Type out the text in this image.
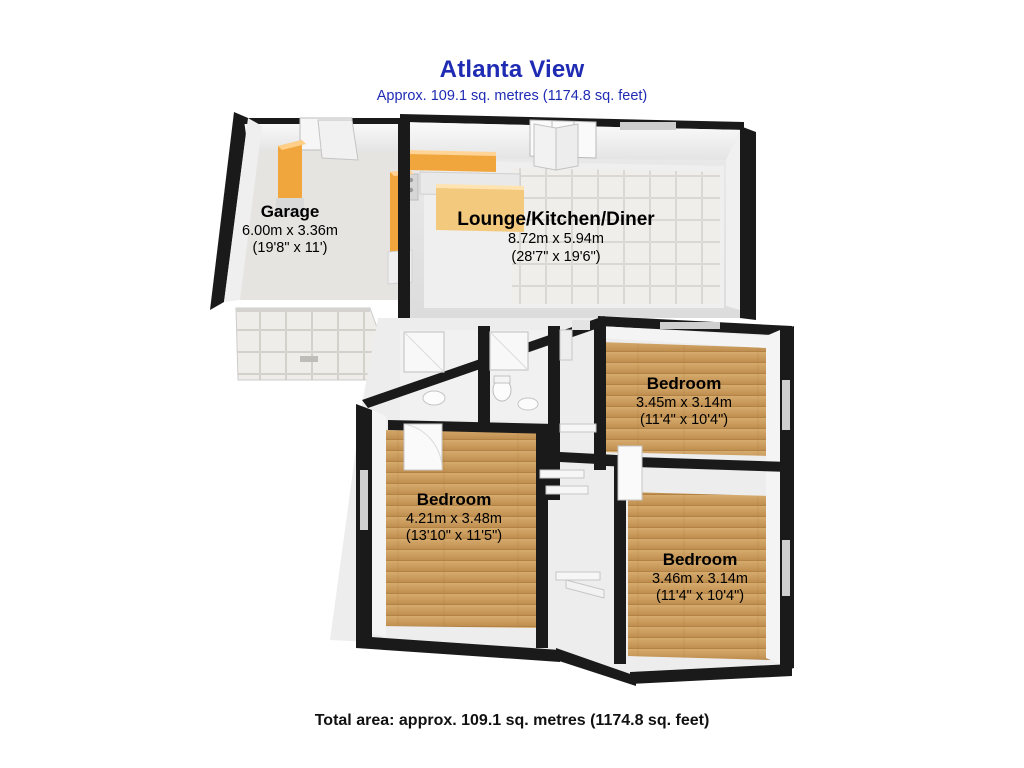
Atlanta View
Approx. 109.1 sq. metres (1174.8 sq. feet)
Garage
6.00m x 3.36m
(19'8" x 11')
Lounge/Kitchen/Diner
8.72m x 5.94m
(28'7" x 19'6")
Bedroom
3.45m x 3.14m
(11'4" x 10'4")
Bedroom
4.21m x 3.48m
(13'10" x 11'5")
Bedroom
3.46m x 3.14m
(11'4" x 10'4")
Total area: approx. 109.1 sq. metres (1174.8 sq. feet)
